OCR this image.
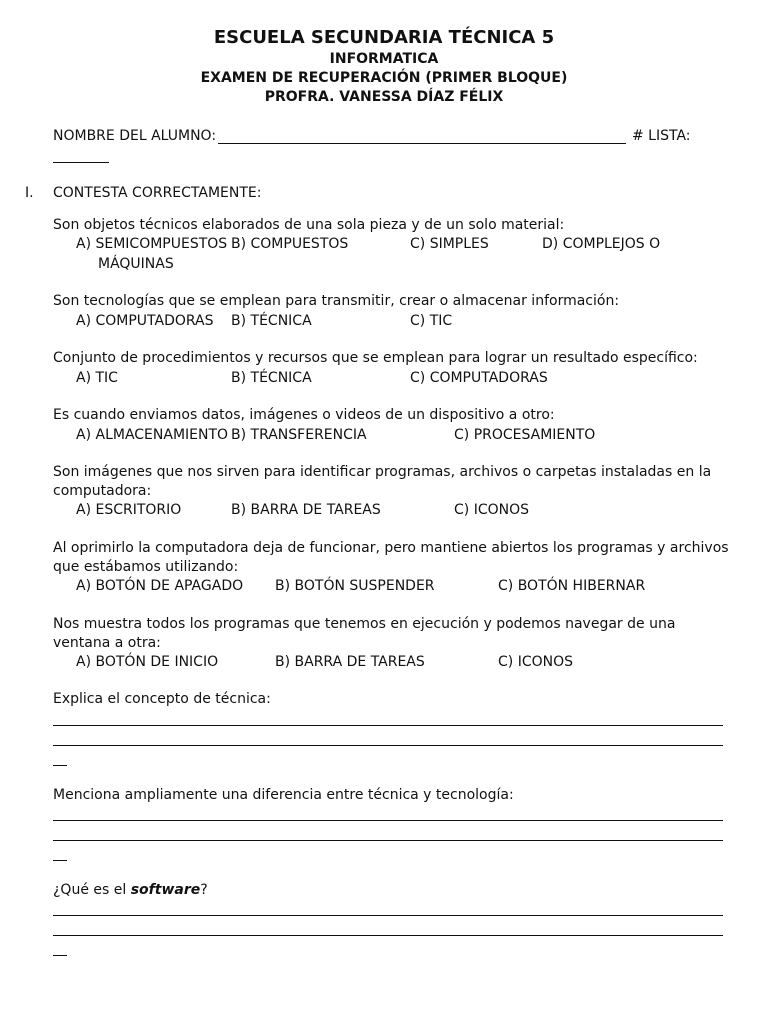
ESCUELA SECUNDARIA TÉCNICA 5
INFORMATICA
EXAMEN DE RECUPERACIÓN (PRIMER BLOQUE)
PROFRA. VANESSA DÍAZ FÉLIX
NOMBRE DEL ALUMNO:	# LISTA:
I. CONTESTA CORRECTAMENTE:
Son objetos técnicos elaborados de una sola pieza y de un solo material:
A) SEMICOMPUESTOS B) COMPUESTOS	C) SIMPLES	D) COMPLEJOS O
MÁQUINAS
Son tecnologías que se emplean para transmitir, crear o almacenar información:
A) COMPUTADORAS B) TÉCNICA	C) TIC
Conjunto de procedimientos y recursos que se emplean para lograr un resultado específico:
A) TIC	B) TÉCNICA	C) COMPUTADORAS
Es cuando enviamos datos, imágenes o videos de un dispositivo a otro:
A) ALMACENAMIENTO B) TRANSFERENCIA	C) PROCESAMIENTO
Son imágenes que nos sirven para identificar programas, archivos o carpetas instaladas en la computadora:
A) ESCRITORIO	B) BARRA DE TAREAS	C) ICONOS
Al oprimirlo la computadora deja de funcionar, pero mantiene abiertos los programas y archivos que estábamos utilizando:
A) BOTÓN DE APAGADO B) BOTÓN SUSPENDER	C) BOTÓN HIBERNAR
Nos muestra todos los programas que tenemos en ejecución y podemos navegar de una ventana a otra:
A) BOTÓN DE INICIO	B) BARRA DE TAREAS	C) ICONOS
Explica el concepto de técnica:
Menciona ampliamente una diferencia entre técnica y tecnología:
¿Qué es el software?
